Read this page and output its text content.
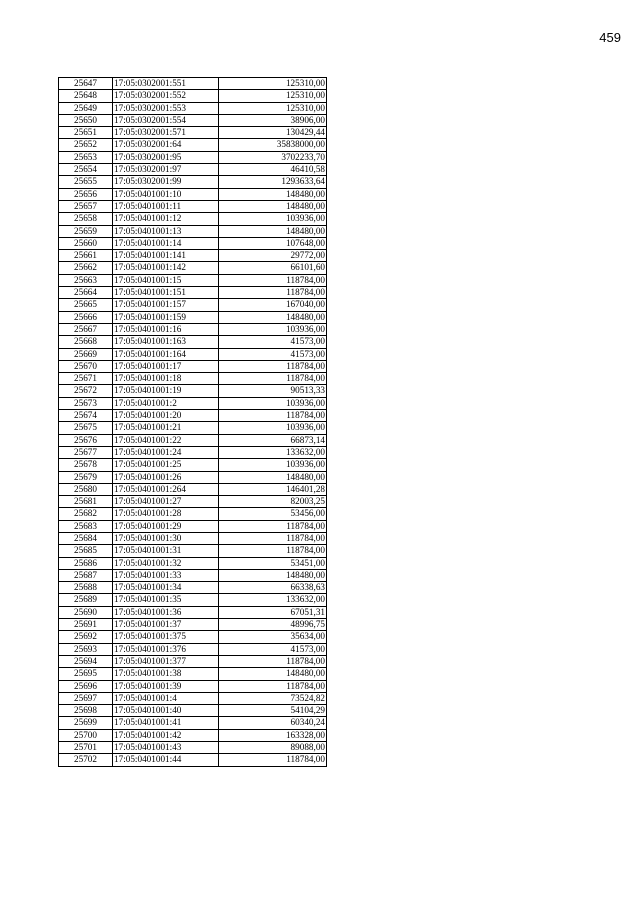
459
25647	17:05:0302001:551	125310,00
25648	17:05:0302001:552	125310,00
25649	17:05:0302001:553	125310,00
25650	17:05:0302001:554	38906,00
25651	17:05:0302001:571	130429,44
25652	17:05:0302001:64	35838000,00
25653	17:05:0302001:95	3702233,70
25654	17:05:0302001:97	46410,58
25655	17:05:0302001:99	1293633,64
25656	17:05:0401001:10	148480,00
25657	17:05:0401001:11	148480,00
25658	17:05:0401001:12	103936,00
25659	17:05:0401001:13	148480,00
25660	17:05:0401001:14	107648,00
25661	17:05:0401001:141	29772,00
25662	17:05:0401001:142	66101,60
25663	17:05:0401001:15	118784,00
25664	17:05:0401001:151	118784,00
25665	17:05:0401001:157	167040,00
25666	17:05:0401001:159	148480,00
25667	17:05:0401001:16	103936,00
25668	17:05:0401001:163	41573,00
25669	17:05:0401001:164	41573,00
25670	17:05:0401001:17	118784,00
25671	17:05:0401001:18	118784,00
25672	17:05:0401001:19	90513,33
25673	17:05:0401001:2	103936,00
25674	17:05:0401001:20	118784,00
25675	17:05:0401001:21	103936,00
25676	17:05:0401001:22	66873,14
25677	17:05:0401001:24	133632,00
25678	17:05:0401001:25	103936,00
25679	17:05:0401001:26	148480,00
25680	17:05:0401001:264	146401,28
25681	17:05:0401001:27	82003,25
25682	17:05:0401001:28	53456,00
25683	17:05:0401001:29	118784,00
25684	17:05:0401001:30	118784,00
25685	17:05:0401001:31	118784,00
25686	17:05:0401001:32	53451,00
25687	17:05:0401001:33	148480,00
25688	17:05:0401001:34	66338,63
25689	17:05:0401001:35	133632,00
25690	17:05:0401001:36	67051,31
25691	17:05:0401001:37	48996,75
25692	17:05:0401001:375	35634,00
25693	17:05:0401001:376	41573,00
25694	17:05:0401001:377	118784,00
25695	17:05:0401001:38	148480,00
25696	17:05:0401001:39	118784,00
25697	17:05:0401001:4	73524,82
25698	17:05:0401001:40	54104,29
25699	17:05:0401001:41	60340,24
25700	17:05:0401001:42	163328,00
25701	17:05:0401001:43	89088,00
25702	17:05:0401001:44	118784,00
